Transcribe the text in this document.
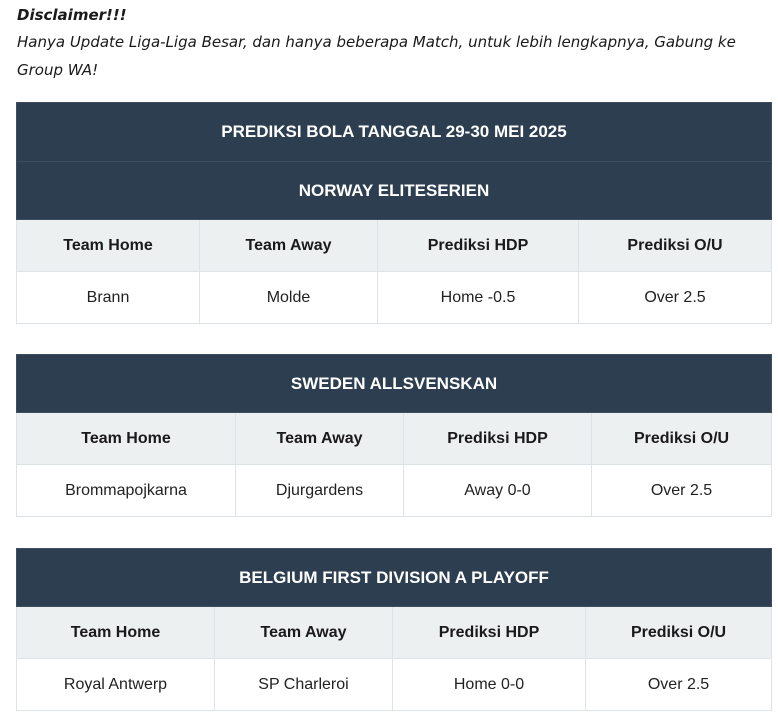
Disclaimer!!!
Hanya Update Liga-Liga Besar, dan hanya beberapa Match, untuk lebih lengkapnya, Gabung ke Group WA!
PREDIKSI BOLA TANGGAL 29-30 MEI 2025			
NORWAY ELITESERIEN			
Team Home	Team Away	Prediksi HDP	Prediksi O/U
Brann	Molde	Home -0.5	Over 2.5
SWEDEN ALLSVENSKAN			
Team Home	Team Away	Prediksi HDP	Prediksi O/U
Brommapojkarna	Djurgardens	Away 0-0	Over 2.5
BELGIUM FIRST DIVISION A PLAYOFF			
Team Home	Team Away	Prediksi HDP	Prediksi O/U
Royal Antwerp	SP Charleroi	Home 0-0	Over 2.5
